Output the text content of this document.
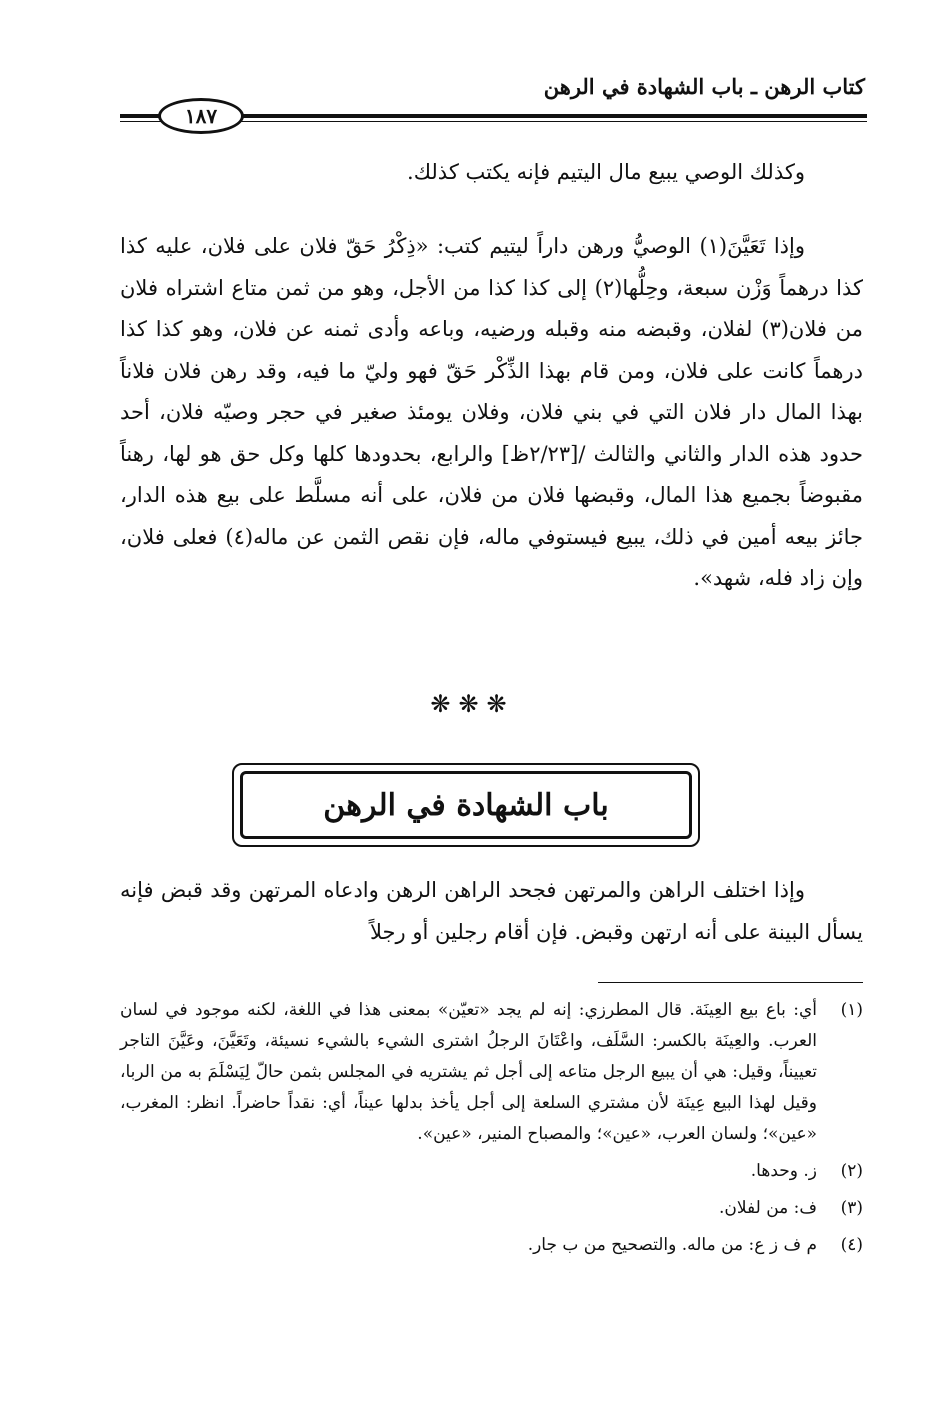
كتاب الرهن ـ باب الشهادة في الرهن
١٨٧
وكذلك الوصي يبيع مال اليتيم فإنه يكتب كذلك.
وإذا تَعَيَّنَ(١) الوصيُّ ورهن داراً ليتيم كتب: «ذِكْرُ حَقّ فلان على فلان، عليه كذا كذا درهماً وَزْن سبعة، وحِلُّها(٢) إلى كذا كذا من الأجل، وهو من ثمن متاع اشتراه فلان من فلان(٣) لفلان، وقبضه منه وقبله ورضيه، وباعه وأدى ثمنه عن فلان، وهو كذا كذا درهماً كانت على فلان، ومن قام بهذا الذِّكْر حَقّ فهو وليّ ما فيه، وقد رهن فلان فلاناً بهذا المال دار فلان التي في بني فلان، وفلان يومئذ صغير في حجر وصيّه فلان، أحد حدود هذه الدار والثاني والثالث /[٢/٢٣ظ] والرابع، بحدودها كلها وكل حق هو لها، رهناً مقبوضاً بجميع هذا المال، وقبضها فلان من فلان، على أنه مسلَّط على بيع هذه الدار، جائز بيعه أمين في ذلك، يبيع فيستوفي ماله، فإن نقص الثمن عن ماله(٤) فعلى فلان، وإن زاد فله، شهد».
❋❋❋
باب الشهادة في الرهن
وإذا اختلف الراهن والمرتهن فجحد الراهن الرهن وادعاه المرتهن وقد قبض فإنه يسأل البينة على أنه ارتهن وقبض. فإن أقام رجلين أو رجلاً
(١)
أي: باع بيع العِينَة. قال المطرزي: إنه لم يجد «تعيّن» بمعنى هذا في اللغة، لكنه موجود في لسان العرب. والعِينَة بالكسر: السَّلَف، واعْتَانَ الرجلُ اشترى الشيء بالشيء نسيئة، وتَعَيَّنَ، وعَيَّنَ التاجر تعييناً، وقيل: هي أن يبيع الرجل متاعه إلى أجل ثم يشتريه في المجلس بثمن حالّ لِيَسْلَمَ به من الربا، وقيل لهذا البيع عِينَة لأن مشتري السلعة إلى أجل يأخذ بدلها عيناً، أي: نقداً حاضراً. انظر: المغرب، «عين»؛ ولسان العرب، «عين»؛ والمصباح المنير، «عين».
(٢)
ز. وحدها.
(٣)
ف: من لفلان.
(٤)
م ف ز ع: من ماله. والتصحيح من ب جار.
